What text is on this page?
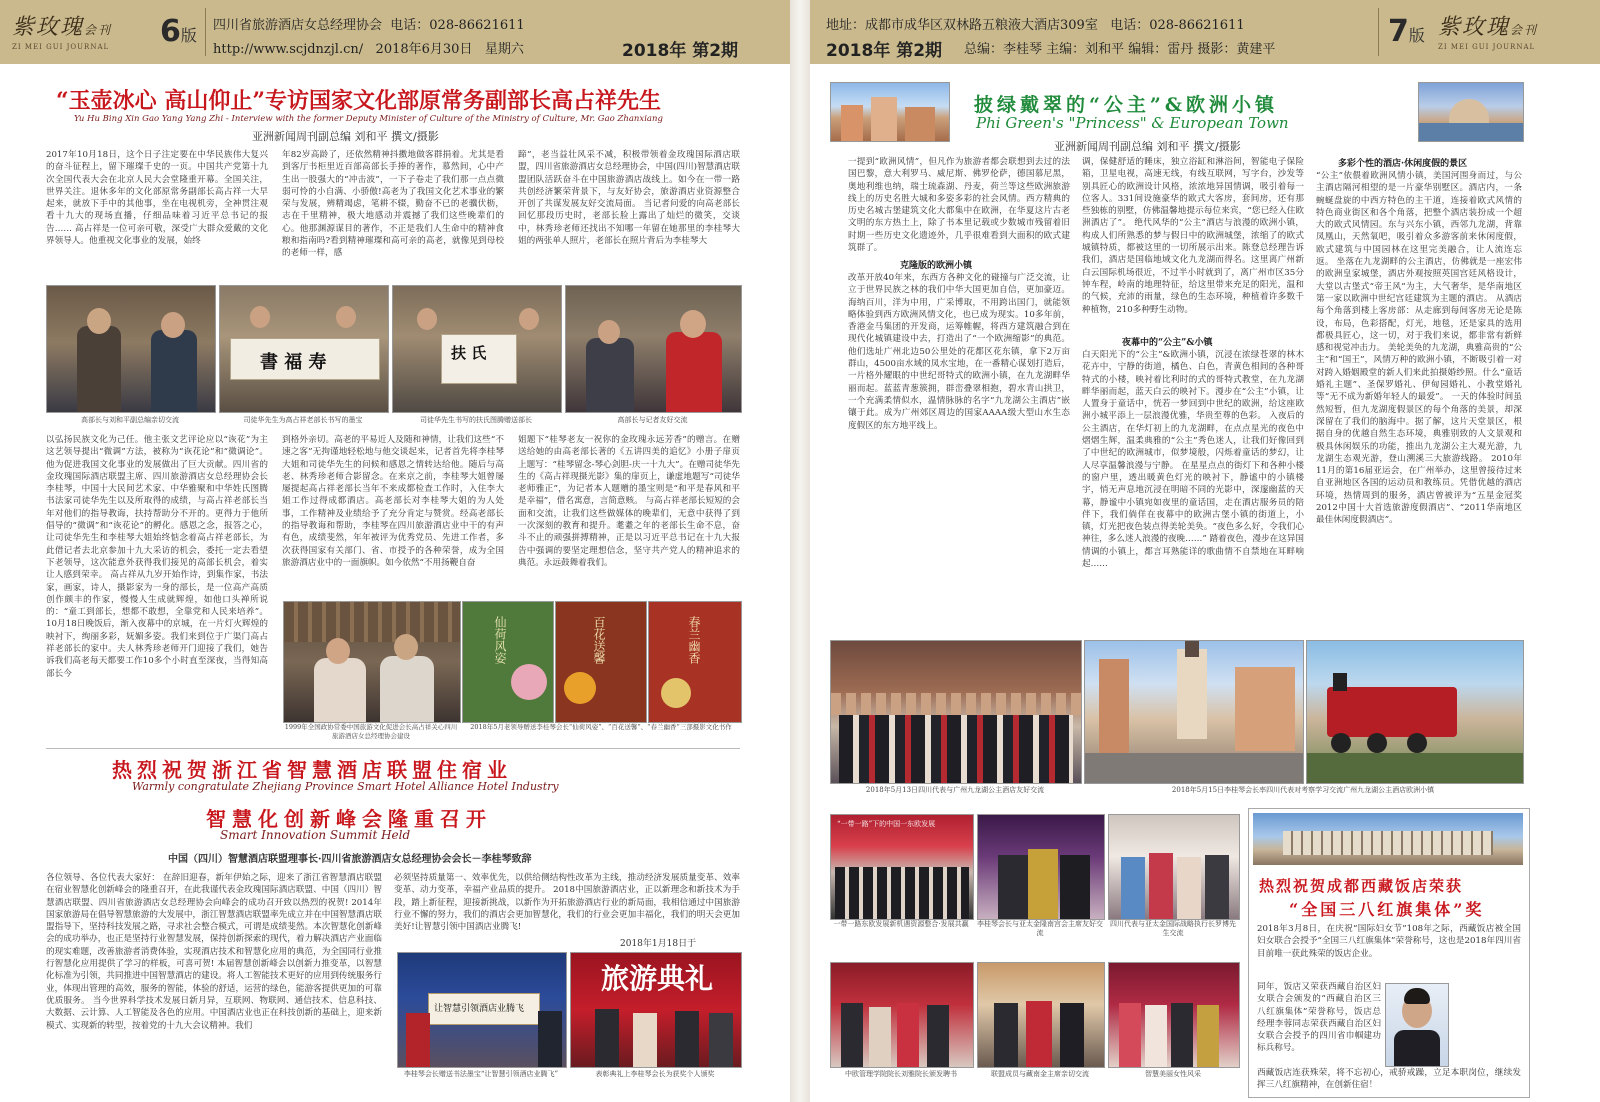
紫玫瑰会刊
ZI MEI GUI JOURNAL 6版
四川省旅游酒店女总经理协会 电话：028-86621611
http://www.scjdnzjl.cn/ 2018年6月30日 星期六	2018年 第2期
“玉壶冰心 高山仰止”专访国家文化部原常务副部长高占祥先生
Yu Hu Bing Xin Gao Yang Yang Zhi - Interview with the former Deputy Minister of Culture of the Ministry of Culture, Mr. Gao Zhanxiang
亚洲新闻周刊副总编 刘和平 撰文/摄影
2017年10月18日，这个日子注定要在中华民族伟大复兴的奋斗征程上，留下璀璨千史的一页。中国共产党第十九次全国代表大会在北京人民大会堂隆重开幕。全国关注，世界关注。退休多年的文化部原常务副部长高占祥一大早起来，就放下手中的其他事，坐在电视机旁，全神贯注观看十九大的现场直播，仔细品味着习近平总书记的报告…… 高占祥是一位可亲可敬，深受广大群众爱戴的文化界领导人。他重视文化事业的发展，始终
年82岁高龄了，还依然精神抖擞地做客群捐着。尤其是看到客厅书柜里近百部高部长手捧的著作，慕然间，心中产生出一股强大的“冲击波”，一下子卷走了我们那一点点微弱可怜的小自满、小骄傲!高老为了我国文化艺术事业的繁荣与发展，辨精竭虑，笔耕不辍，勤奋不已的老骥伏枥，志在千里精神，极大地感动并震撼了我们这些晚辈们的心。他那渊源谋目的著作，不正是我们人生命中的精神食粮和指南吗?看到精神璀璨和高可亲的高老，就像见到母校的老师一样，感
蹄”，老当益壮风采不减，积极带领着金玫瑰国际酒店联盟，四川省旅游酒店女总经理协会，中国(四川)智慧酒店联盟团队活跃奋斗在中国旅游酒店战线上。如今在一带一路共创经济繁荣背景下，与友好协会，旅游酒店业资源整合开创了共谋发展友好交流局面。 当记者问爱的向高老部长回忆那段历史时，老部长脸上露出了灿烂的微笑，交谈中，林秀珍老师还找出不知哪一年留在她那里的李桂琴大姐的两张单人照片，老部长在照片背后为李桂琴大
書 福 寿	扶 氏
高部长与刘和平副总编亲切交流	司徒华先生为高占祥老部长书写的墨宝	司徒华先生书写的扶氏图腾赠送部长	高部长与记者友好交流
以弘扬民族文化为己任。他主张文艺评论应以“诙花”为主这艺领导提出“微调”方法，被称为“诙花论”和“微调论”。他为促进我国文化事业的发展做出了巨大贡献。四川省的金玫瑰国际酒店联盟主席、四川旅游酒店女总经理协会长李桂琴，中国十大民间艺术家、中华雅聚和中华姓氏图腾书法家司徒华先生以及所取得的成绩，与高占祥老部长当年对他们的指导教诲，扶持帮助分不开的。更得力于他所倡导的“微调”和“诙花论”的孵化。感恩之念，报答之心，让司徒华先生和李桂琴大姐始终惦念着高占祥老部长，为此借记者去北京参加十九大采访的机会，委托一定去看望下老领导，这次能意外获得我们接见的高部长机会，着实让人感到荣幸。 高占祥从九岁开始作诗，到集作家，书法家，画家，诗人，摄影家为一身的部长，是一位高产高质创作颇丰的作家，慢慢人生成就辉煌，如他口头禅所说的：“童工到部长，想都不敢想，全靠党和人民来培养”。 10月18日晚饭后，渐入夜幕中的京城，在一片灯火辉煌的映衬下，绚丽多彩，妩媚多姿。我们来到位于广渠门高占祥老部长的家中。夫人林秀珍老师开门迎接了我们，她告诉我们高老每天都要工作10多个小时直至深夜，当得知高部长今
到格外亲切。高老的平易近人及随和神情，让我们这些“不速之客”无拘谨地轻松地与他交谈起来，记者首先将李桂琴大姐和司徒华先生的问候和感恩之情转达给他。随后与高老、林秀珍老师合影留念。在来京之前，李桂琴大姐曾屡屡提起高占祥老部长当年不来成都检查工作时，入住李大姐工作过得成都酒店。高老部长对李桂琴大姐的为人处事，工作精神及业绩给予了充分肯定与赞赏。经高老部长的指导教诲和帮助，李桂琴在四川旅游酒店业中干的有声有色，成绩斐然，年年被评为优秀党员、先进工作者，多次获得国家有关部门、省、市授予的各种荣誉，成为全国旅游酒店业中的一面旗帜。如今依然“不用扬鞭自奋
姐题下“桂琴老友一祝你的金玫瑰永远芳香”的赠言。在赠送给她的由高老部长著的《五讲四美的追忆》小册子扉页上题写：“桂琴留念-琴心剑胆-庆一十九大”。在赠司徒华先生的《高占祥现摄光影》集的扉页上，谦虚地题写“司徒华老师雅正”，为记者本人题赠的墨宝则是“和平是春风和平是幸福”，借名寓意，言简意赅。 与高占祥老部长短短的会面和交流，让我们这些做媒体的晚辈们，无意中获得了到一次深刻的教育和提升。耄耋之年的老部长生命不息，奋斗不止的顽强拼搏精神，正是以习近平总书记在十九大报告中强调的要坚定理想信念，坚守共产党人的精神追求的典范。永远鼓舞着我们。
仙荷风姿	百花送馨	春兰幽香
1999年全国政协常委中国旅游文化促进会长高占祥关心四川旅游酒店女总经理协会建设
2018年5月老领导赠送李桂琴会长“仙荷风姿”、“百花送馨”、“春兰幽香”三部摄影文化书作
热烈祝贺浙江省智慧酒店联盟住宿业
Warmly congratulate Zhejiang Province Smart Hotel Alliance Hotel Industry
智慧化创新峰会隆重召开
Smart Innovation Summit Held
中国（四川）智慧酒店联盟理事长·四川省旅游酒店女总经理协会会长－李桂琴致辞
各位领导、各位代表大家好： 在辞旧迎春，新年伊始之际，迎来了浙江省智慧酒店联盟在宿业智慧化创新峰会的隆重召开，在此我谨代表金玫瑰国际酒店联盟、中国（四川）智慧酒店联盟、四川省旅游酒店女总经理协会向峰会的成功召开致以热烈的祝贺! 2014年国家旅游局在倡导智慧旅游的大发展中，浙江智慧酒店联盟率先成立并在中国智慧酒店联盟指导下，坚持科技发展之路，寻求社会整合模式，可谓是成绩斐然。本次智慧化创新峰会的成功举办，也正是坚持行业智慧发展，保持创新探索的现代，着力解决酒店产业面临的现实难题，改善旅游者消费体验，实现酒店技术和智慧化应用的典范，为全国同行业推行智慧化应用提供了学习的样板，可喜可贺! 本届智慧创新峰会以创新力推变革，以智慧化标准为引领，共同推进中国智慧酒店的建设。将人工智能技术更好的应用到传统服务行业，体现出管理的高效，服务的智能，体验的舒适，运营的绿色，能游客提供更加的可靠优质服务。 当今世界科学技术发展日新月异，互联网、物联网、通信技术、信息科技、大数据、云计算、人工智能及各色的应用。中国酒店业也正在科技创新的基础上，迎来新模式、实现新的转型，按着党的十九大会议精神。我们
必须坚持质量第一、效率优先，以供给侧结构性改革为主线，推动经济发展质量变革、效率变革、动力变革，幸福产业品质的提升。 2018中国旅游酒店业，正以新理念和新技术为手段，踏上新征程，迎接新挑战，以新作为开拓旅游酒店行业的新局面，我相信通过中国旅游行业不懈的努力，我们的酒店会更加智慧化，我们的行业会更加丰福化，我们的明天会更加美好!让智慧引领中国酒店业腾飞!
2018年1月18日于
让智慧引领酒店业腾飞
旅游典礼
李桂琴会长赠送书法墨宝“让智慧引领酒店业腾飞”	表彰典礼上李桂琴会长为获奖个人颁奖
地址：成都市成华区双林路五粮液大酒店309室 电话：028-86621611
2018年 第2期 总编：李桂琴 主编：刘和平 编辑：雷丹 摄影：黄建平
7版 紫玫瑰会刊
ZI MEI GUI JOURNAL
披绿戴翠的“公主”&欧洲小镇
Phi Green's "Princess" & European Town
亚洲新闻周刊副总编 刘和平 撰文/摄影
一提到“欧洲风情”，但凡作为旅游者都会联想到去过的法国巴黎，意大利罗马、威尼斯、佛罗伦萨，德国慕尼黑，奥地利维也纳，瑞士琉森湖、丹麦，荷兰等这些欧洲旅游线上的历史名胜大城和多姿多彩的社会风情。西方精典的历史名城古堡建筑文化大都集中在欧洲，在华夏这片古老文明的东方热土上，除了书本里记载或少数城市残留着旧时期一些历史文化遗迹外，几乎很难看到大面积的欧式建筑群了。
克隆版的欧洲小镇
改革开放40年来，东西方各种文化的碰撞与广泛交流，让立于世界民族之林的我们中华大国更加自信，更加豪迈。海纳百川，洋为中用，广采博取，不用跨出国门，就能领略体验到西方欧洲风情文化，也已成为现实。10多年前，香港金马集团的开发商，运筹帷幄，将西方建筑融合到在现代化城镇建设中去，打造出了“一个欧洲缩影”的典范。他们选址广州北边50公里处的花都区花东镇，拿下2万亩群山，4500亩水域的凤水宝地，在一番精心谋划打造后，一片格外耀眼的中世纪哥特式的欧洲小镇，在九龙湖畔华丽而起。蓝蓝青葱簇拥，群峦叠翠相抱，碧水青山拱卫，一个充满柔情似水，温情脉脉的名字“九龙湖公主酒店”嵌镶于此。成为广州郊区周边的国家AAAA级大型山水生态度假区的东方地平线上。
调，保健舒适的睡床，独立浴缸和淋浴间，智能电子保险箱，卫星电视，高速无线，有线互联网，写字台，沙发等别具匠心的欧洲设计风格，浓浓地异国情调，吸引着每一位客人。331间设施豪华的欧式大客房，套间房，还有那些独栋的别墅，仿佛温馨地提示每位来宾，“您已经入住欧洲酒店了”。 绝代风华的“公主”酒店与浪漫的欧洲小镇，构成人们所熟悉的梦与假日中的欧洲城堡，浓缩了的欧式城镇特质，都被这里的一切所展示出来。陈登总经理告诉我们，酒店是国临地域文化九龙湖而得名。这里离广州新白云国际机场很近，不过半小时就到了，离广州市区35分钟车程，岭南的地理特征，给这里带来充足的阳光，温和的气候，充沛的雨量，绿色的生态环境，种植着许多数千种植物，210多种野生动物。
夜幕中的“公主”&小镇
白天阳光下的“公主”&欧洲小镇，沉浸在浓绿苍翠的林木花卉中，宁静的街道，橘色、白色，青黄色相间的各种哥特式的小楼，映衬着比利时的式的哥特式教堂，在九龙湖畔华丽而起，蓝天白云的映衬下。漫步在“公主”小镇，让人置身于童话中，恍若一梦回到中世纪的欧洲，给这座欧洲小城平添上一层浪漫优雅，华贵至尊的色彩。 入夜后的公主酒店，在华灯初上的九龙湖畔，在点点星光的夜色中熠熠生辉，温柔典雅的“公主”秀色迷人，让我们好像回到了中世纪的欧洲城市，似梦境般，闪烁着童话的梦幻，让人尽享温馨浪漫与宁静。 在星星点点的街灯下和各种小楼的窗户里，透出暖黄色灯光的映衬下，静谧中的小镇楼宇，悄无声息地沉浸在明暗不同的光影中，深邃幽蓝的天幕，静谧中小镇宛如夜里的童话国，走在酒店服务员的陪伴下，我们倘佯在夜幕中的欧洲古堡小镇的街道上，小镇，灯光把夜色装点得美轮美奂。“夜色多么好，令我们心神往，多么迷人浪漫的夜晚……” 踏着夜色，漫步在这异国情调的小镇上，都言耳熟能详的歌曲情不自禁地在耳畔响起……
多彩个性的酒店·休闲度假的景区
“公主”依偎着欧洲风情小镇，美国河围身而过，与公主酒店隔河相望的是一片豪华别墅区。酒店内，一条蜿蜒盘旋的中西方特色的主干道，连接着欧式风情的特色商业街区和各个角落，把整个酒店装扮成一个超大的欧式风情园。东与兴东小镇，西邻九龙湖，背靠凤凰山，天然氧吧，吸引着众多游客前来休闲度假，欧式建筑与中国园林在这里完美融合，让人流连忘返。 坐落在九龙湖畔的公主酒店，仿佛就是一座宏伟的欧洲皇家城堡，酒店外观按照英国宫廷风格设计，大堂以古堡式“帝王风”为主，大气奢华，是华南地区第一家以欧洲中世纪宫廷建筑为主题的酒店。 从酒店每个角落到楼上客房部：从走廊到每间客房无论是陈设，布局，色彩搭配，灯光，地毯，还是家具的选用都极具匠心，这一切，对于我们来说，都非常有新鲜感和视觉冲击力。 美轮美奂的九龙湖，典雅高贵的“公主”和“国王”，风情万种的欧洲小镇，不断吸引着一对对跨入婚姻殿堂的新人们来此拍摄婚纱照。什么“童话婚礼主题”、圣保罗婚礼、伊甸园婚礼、小教堂婚礼等“无不成为新婚年轻人的最爱”。 一天的体验时间虽然短暂，但九龙湖度假景区的每个角落的美景，却深深留在了我们的脑海中。据了解，这片天堂景区，根据自身的优越自然生态环境，典雅别致的人文景观和极具休闲娱乐的功能，推出九龙湖公主大观光游，九龙湖生态观光游，登山溯溪三大旅游线路。 2010年11月的第16届亚运会，在广州举办，这里曾接待过来自亚洲地区各国的运动员和教练员。凭借优越的酒店环境，热情周到的服务，酒店曾被评为“五星金冠奖2012中国十大首选旅游度假酒店”、“2011华南地区最佳休闲度假酒店”。
2018年5月13日四川代表与广州九龙湖公主酒店友好交流	2018年5月15日李桂琴会长率四川代表对考察学习交流广州九龙湖公主酒店欧洲小镇
“一带一路”下的中国一东欧发展
一带一路东欧发展新机遇资源整合·发展共赢	李桂琴会长与亚太金隆南宫会主席友好交流
四川代表与亚太金国际战略执行长罗博先生交流
中欧管理学院院长刘雅院长颁发聘书	联盟成员与藏南金主席亲切交流	智慧美丽女性风采
热烈祝贺成都西藏饭店荣获
“全国三八红旗集体”奖
2018年3月8日，在庆祝“国际妇女节”108年之际，西藏饭店被全国妇女联合会授予“全国三八红旗集体”荣誉称号，这也是2018年四川省目前唯一获此殊荣的饭店企业。
同年，饭店又荣获西藏自治区妇女联合会颁发的“西藏自治区三八红旗集体”荣誉称号，饭店总经理李蓉同志荣获西藏自治区妇女联合会授予的四川省巾帼建功标兵称号。
西藏饭店连获殊荣，将不忘初心，戒骄戒躁，立足本职岗位，继续发挥三八红旗精神，在创新住宿！
